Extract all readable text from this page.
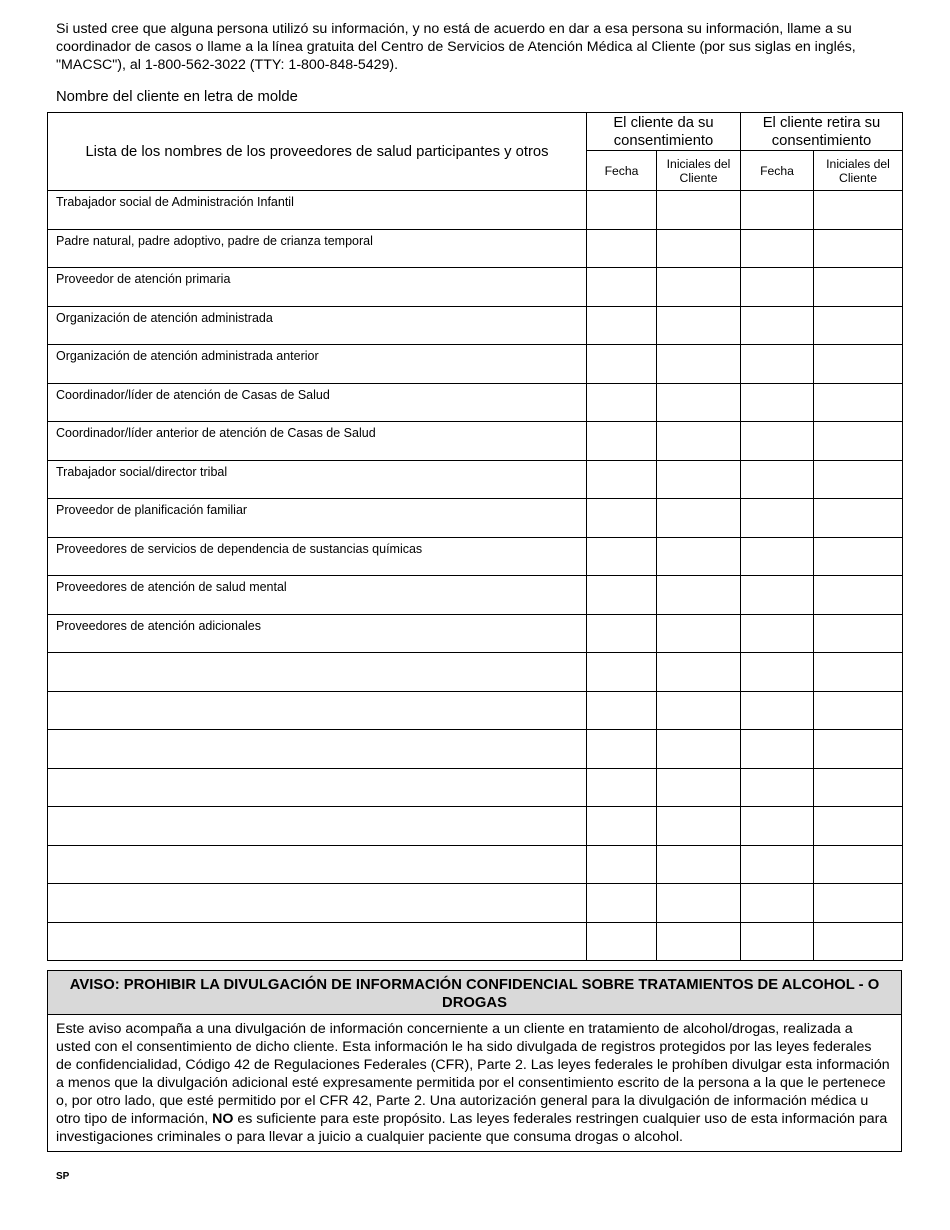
Si usted cree que alguna persona utilizó su información, y no está de acuerdo en dar a esa persona su información, llame a su coordinador de casos o llame a la línea gratuita del Centro de Servicios de Atención Médica al Cliente (por sus siglas en inglés, "MACSC"), al 1-800-562-3022 (TTY: 1-800-848-5429).

Nombre del cliente en letra de molde

Lista de los nombres de los proveedores de salud participantes y otros	El cliente da su consentimiento		El cliente retira su consentimiento	
	Fecha	Iniciales del Cliente	Fecha	Iniciales del Cliente
Trabajador social de Administración Infantil				
Padre natural, padre adoptivo, padre de crianza temporal				
Proveedor de atención primaria				
Organización de atención administrada				
Organización de atención administrada anterior				
Coordinador/líder de atención de Casas de Salud				
Coordinador/líder anterior de atención de Casas de Salud				
Trabajador social/director tribal				
Proveedor de planificación familiar				
Proveedores de servicios de dependencia de sustancias químicas				
Proveedores de atención de salud mental				
Proveedores de atención adicionales				

AVISO: PROHIBIR LA DIVULGACIÓN DE INFORMACIÓN CONFIDENCIAL SOBRE TRATAMIENTOS DE ALCOHOL - O DROGAS
Este aviso acompaña a una divulgación de información concerniente a un cliente en tratamiento de alcohol/drogas, realizada a usted con el consentimiento de dicho cliente. Esta información le ha sido divulgada de registros protegidos por las leyes federales de confidencialidad, Código 42 de Regulaciones Federales (CFR), Parte 2. Las leyes federales le prohíben divulgar esta información a menos que la divulgación adicional esté expresamente permitida por el consentimiento escrito de la persona a la que le pertenece o, por otro lado, que esté permitido por el CFR 42, Parte 2. Una autorización general para la divulgación de información médica u otro tipo de información, NO es suficiente para este propósito. Las leyes federales restringen cualquier uso de esta información para investigaciones criminales o para llevar a juicio a cualquier paciente que consuma drogas o alcohol.
SP
